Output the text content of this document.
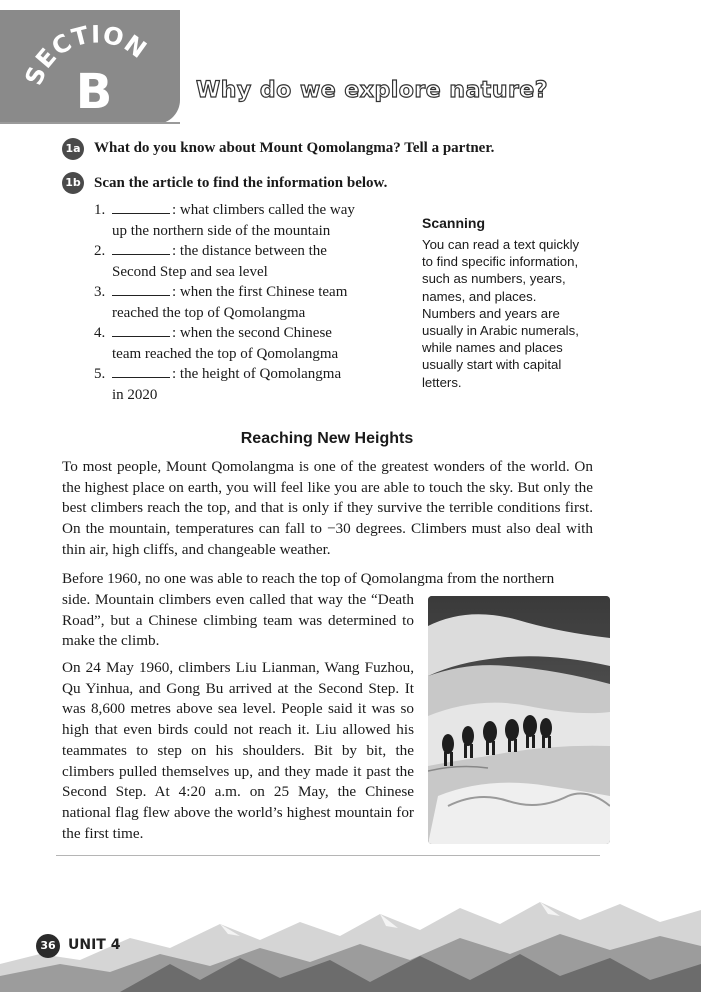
SECTION
B	Why do we explore nature?
1a What do you know about Mount Qomolangma? Tell a partner.
1b Scan the article to find the information below.
1.	: what climbers called the way
up the northern side of the mountain
2.	: the distance between the
Second Step and sea level
3.	: when the first Chinese team
reached the top of Qomolangma
4.	: when the second Chinese
team reached the top of Qomolangma
5.	: the height of Qomolangma
in 2020
Scanning
You can read a text quickly to find specific information, such as numbers, years, names, and places. Numbers and years are usually in Arabic numerals, while names and places usually start with capital letters.
Reaching New Heights
To most people, Mount Qomolangma is one of the greatest wonders of the world. On the highest place on earth, you will feel like you are able to touch the sky. But only the best climbers reach the top, and that is only if they survive the terrible conditions first. On the mountain, temperatures can fall to −30 degrees. Climbers must also deal with thin air, high cliffs, and changeable weather.
Before 1960, no one was able to reach the top of Qomolangma from the northern
side. Mountain climbers even called that way the “Death Road”, but a Chinese climbing team was determined to make the climb.
On 24 May 1960, climbers Liu Lianman, Wang Fuzhou, Qu Yinhua, and Gong Bu arrived at the Second Step. It was 8,600 metres above sea level. People said it was so high that even birds could not reach it. Liu allowed his teammates to step on his shoulders. Bit by bit, the climbers pulled themselves up, and they made it past the Second Step. At 4:20 a.m. on 25 May, the Chinese national flag flew above the world’s highest mountain for the first time.
36 UNIT 4
